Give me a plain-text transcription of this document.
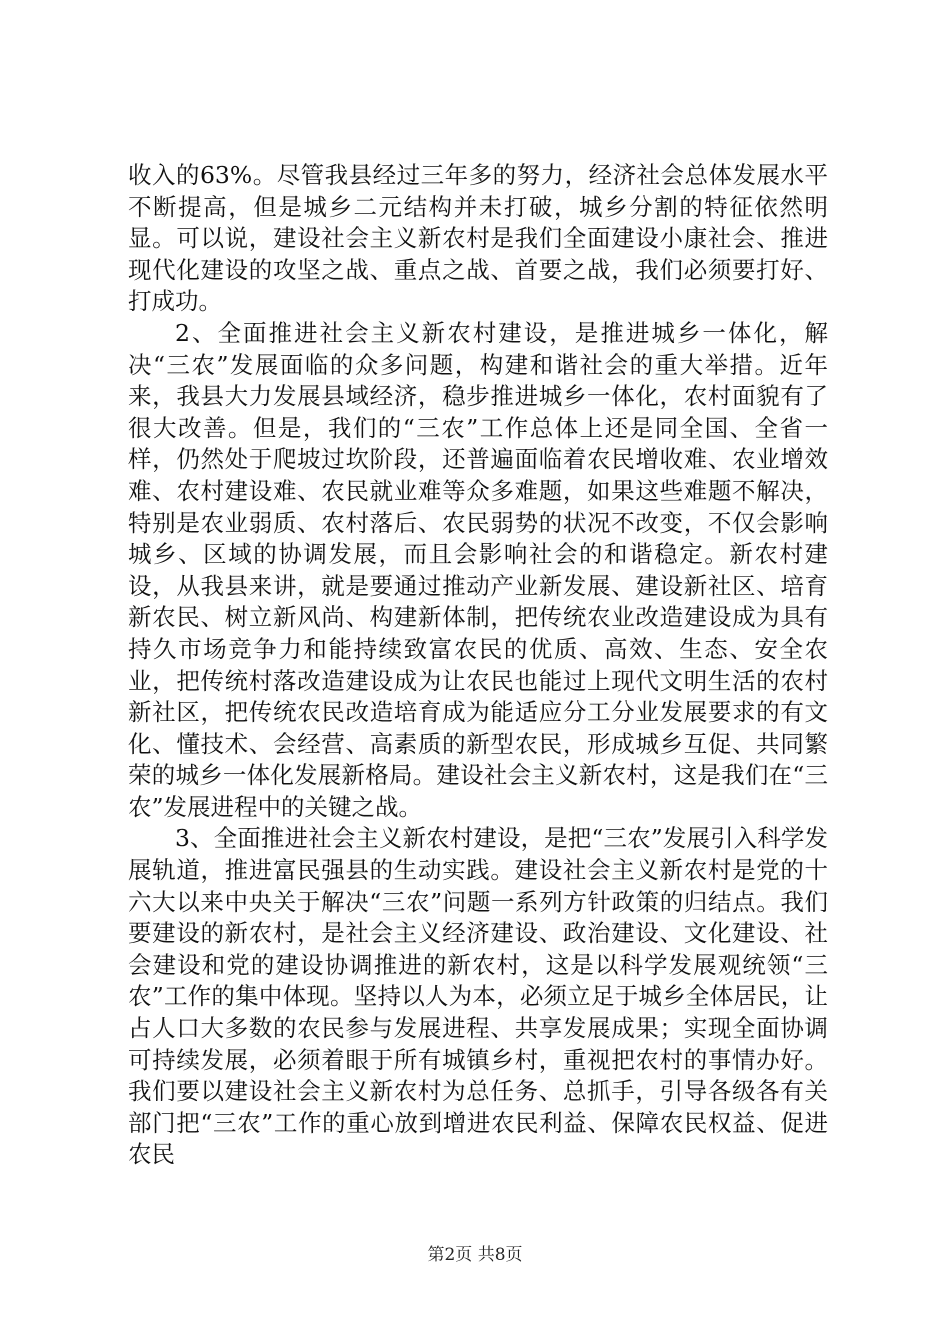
收入的63%。尽管我县经过三年多的努力，经济社会总体发展水平不断提高，但是城乡二元结构并未打破，城乡分割的特征依然明显。可以说，建设社会主义新农村是我们全面建设小康社会、推进现代化建设的攻坚之战、重点之战、首要之战，我们必须要打好、打成功。

2、全面推进社会主义新农村建设，是推进城乡一体化，解决“三农”发展面临的众多问题，构建和谐社会的重大举措。近年来，我县大力发展县域经济，稳步推进城乡一体化，农村面貌有了很大改善。但是，我们的“三农”工作总体上还是同全国、全省一样，仍然处于爬坡过坎阶段，还普遍面临着农民增收难、农业增效难、农村建设难、农民就业难等众多难题，如果这些难题不解决，特别是农业弱质、农村落后、农民弱势的状况不改变，不仅会影响城乡、区域的协调发展，而且会影响社会的和谐稳定。新农村建设，从我县来讲，就是要通过推动产业新发展、建设新社区、培育新农民、树立新风尚、构建新体制，把传统农业改造建设成为具有持久市场竞争力和能持续致富农民的优质、高效、生态、安全农业，把传统村落改造建设成为让农民也能过上现代文明生活的农村新社区，把传统农民改造培育成为能适应分工分业发展要求的有文化、懂技术、会经营、高素质的新型农民，形成城乡互促、共同繁荣的城乡一体化发展新格局。建设社会主义新农村，这是我们在“三农”发展进程中的关键之战。

3、全面推进社会主义新农村建设，是把“三农”发展引入科学发展轨道，推进富民强县的生动实践。建设社会主义新农村是党的十六大以来中央关于解决“三农”问题一系列方针政策的归结点。我们要建设的新农村，是社会主义经济建设、政治建设、文化建设、社会建设和党的建设协调推进的新农村，这是以科学发展观统领“三农”工作的集中体现。坚持以人为本，必须立足于城乡全体居民，让占人口大多数的农民参与发展进程、共享发展成果；实现全面协调可持续发展，必须着眼于所有城镇乡村，重视把农村的事情办好。我们要以建设社会主义新农村为总任务、总抓手，引导各级各有关部门把“三农”工作的重心放到增进农民利益、保障农民权益、促进农民

第2页 共8页
